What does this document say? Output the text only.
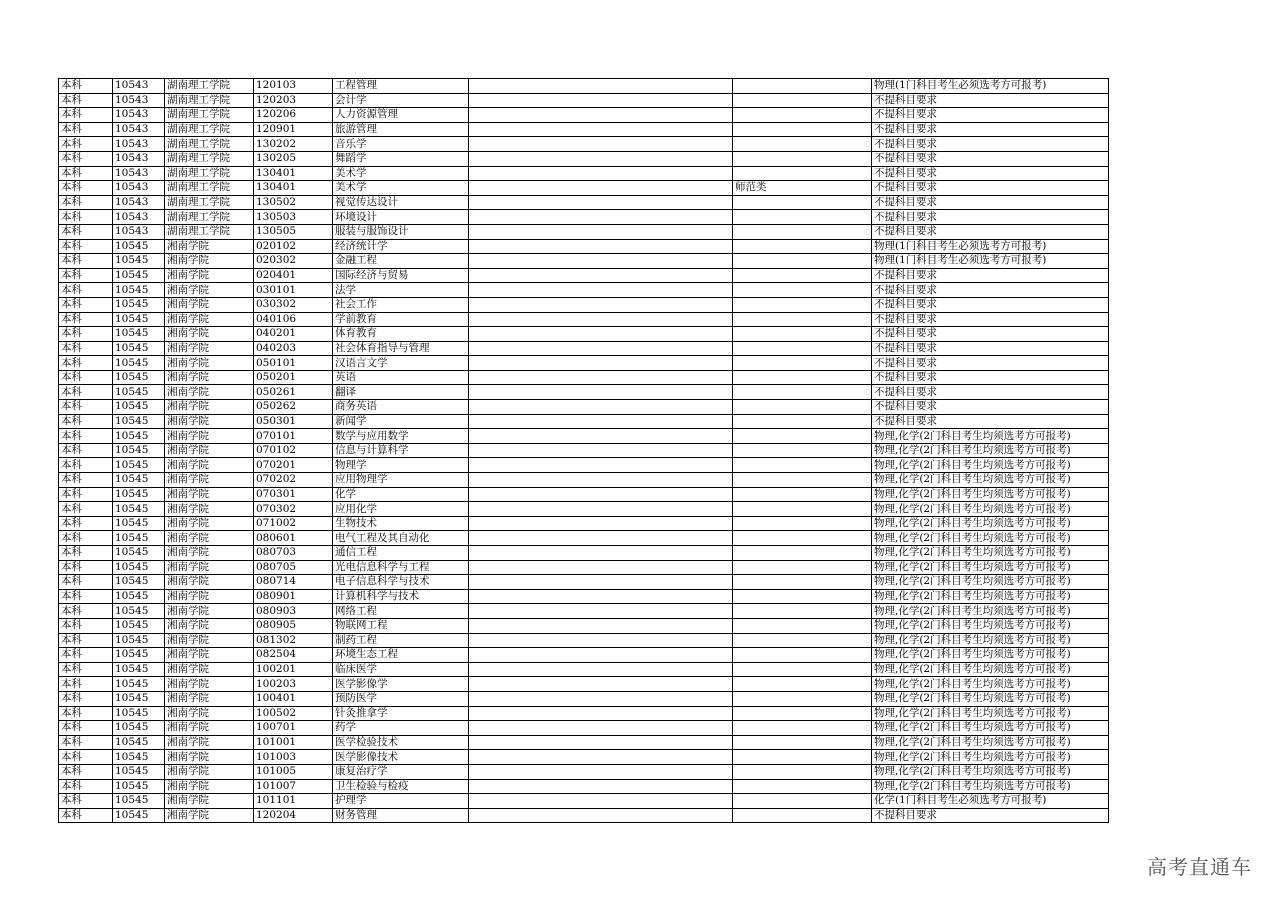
本科	10543	湖南理工学院	120103	工程管理			物理(1门科目考生必须选考方可报考)
本科	10543	湖南理工学院	120203	会计学			不提科目要求
本科	10543	湖南理工学院	120206	人力资源管理			不提科目要求
本科	10543	湖南理工学院	120901	旅游管理			不提科目要求
本科	10543	湖南理工学院	130202	音乐学			不提科目要求
本科	10543	湖南理工学院	130205	舞蹈学			不提科目要求
本科	10543	湖南理工学院	130401	美术学			不提科目要求
本科	10543	湖南理工学院	130401	美术学		师范类	不提科目要求
本科	10543	湖南理工学院	130502	视觉传达设计			不提科目要求
本科	10543	湖南理工学院	130503	环境设计			不提科目要求
本科	10543	湖南理工学院	130505	服装与服饰设计			不提科目要求
本科	10545	湘南学院	020102	经济统计学			物理(1门科目考生必须选考方可报考)
本科	10545	湘南学院	020302	金融工程			物理(1门科目考生必须选考方可报考)
本科	10545	湘南学院	020401	国际经济与贸易			不提科目要求
本科	10545	湘南学院	030101	法学			不提科目要求
本科	10545	湘南学院	030302	社会工作			不提科目要求
本科	10545	湘南学院	040106	学前教育			不提科目要求
本科	10545	湘南学院	040201	体育教育			不提科目要求
本科	10545	湘南学院	040203	社会体育指导与管理			不提科目要求
本科	10545	湘南学院	050101	汉语言文学			不提科目要求
本科	10545	湘南学院	050201	英语			不提科目要求
本科	10545	湘南学院	050261	翻译			不提科目要求
本科	10545	湘南学院	050262	商务英语			不提科目要求
本科	10545	湘南学院	050301	新闻学			不提科目要求
本科	10545	湘南学院	070101	数学与应用数学			物理,化学(2门科目考生均须选考方可报考)
本科	10545	湘南学院	070102	信息与计算科学			物理,化学(2门科目考生均须选考方可报考)
本科	10545	湘南学院	070201	物理学			物理,化学(2门科目考生均须选考方可报考)
本科	10545	湘南学院	070202	应用物理学			物理,化学(2门科目考生均须选考方可报考)
本科	10545	湘南学院	070301	化学			物理,化学(2门科目考生均须选考方可报考)
本科	10545	湘南学院	070302	应用化学			物理,化学(2门科目考生均须选考方可报考)
本科	10545	湘南学院	071002	生物技术			物理,化学(2门科目考生均须选考方可报考)
本科	10545	湘南学院	080601	电气工程及其自动化			物理,化学(2门科目考生均须选考方可报考)
本科	10545	湘南学院	080703	通信工程			物理,化学(2门科目考生均须选考方可报考)
本科	10545	湘南学院	080705	光电信息科学与工程			物理,化学(2门科目考生均须选考方可报考)
本科	10545	湘南学院	080714	电子信息科学与技术			物理,化学(2门科目考生均须选考方可报考)
本科	10545	湘南学院	080901	计算机科学与技术			物理,化学(2门科目考生均须选考方可报考)
本科	10545	湘南学院	080903	网络工程			物理,化学(2门科目考生均须选考方可报考)
本科	10545	湘南学院	080905	物联网工程			物理,化学(2门科目考生均须选考方可报考)
本科	10545	湘南学院	081302	制药工程			物理,化学(2门科目考生均须选考方可报考)
本科	10545	湘南学院	082504	环境生态工程			物理,化学(2门科目考生均须选考方可报考)
本科	10545	湘南学院	100201	临床医学			物理,化学(2门科目考生均须选考方可报考)
本科	10545	湘南学院	100203	医学影像学			物理,化学(2门科目考生均须选考方可报考)
本科	10545	湘南学院	100401	预防医学			物理,化学(2门科目考生均须选考方可报考)
本科	10545	湘南学院	100502	针灸推拿学			物理,化学(2门科目考生均须选考方可报考)
本科	10545	湘南学院	100701	药学			物理,化学(2门科目考生均须选考方可报考)
本科	10545	湘南学院	101001	医学检验技术			物理,化学(2门科目考生均须选考方可报考)
本科	10545	湘南学院	101003	医学影像技术			物理,化学(2门科目考生均须选考方可报考)
本科	10545	湘南学院	101005	康复治疗学			物理,化学(2门科目考生均须选考方可报考)
本科	10545	湘南学院	101007	卫生检验与检疫			物理,化学(2门科目考生均须选考方可报考)
本科	10545	湘南学院	101101	护理学			化学(1门科目考生必须选考方可报考)
本科	10545	湘南学院	120204	财务管理			不提科目要求
高考直通车
